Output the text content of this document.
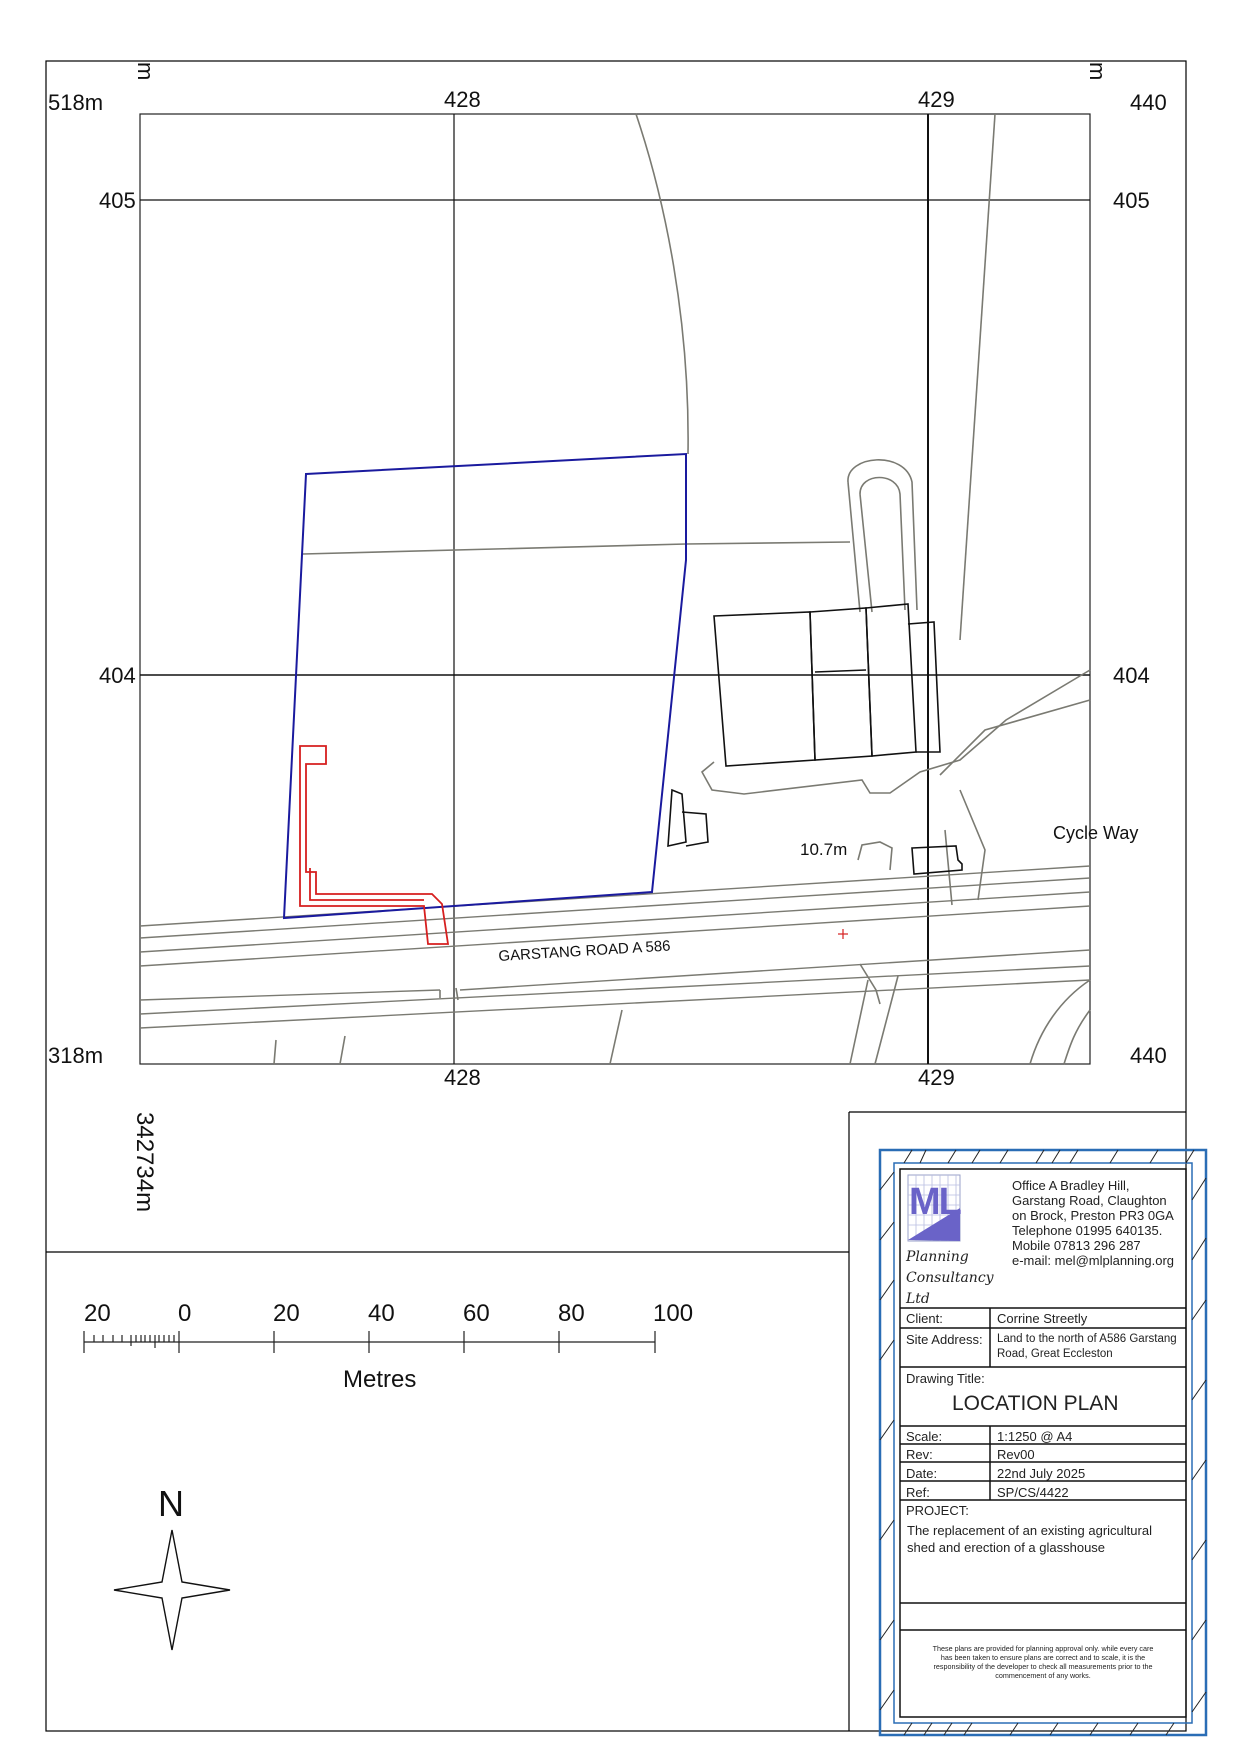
518m	440
318m	440
m	m
428	429
428	429
405
404
405
404
GARSTANG ROAD A 586
10.7m
Cycle Way
342734m
20	0	20	40	60	80	100
Metres
N
ML
Planning
Consultancy
Ltd
Office A Bradley Hill,
Garstang Road, Claughton
on Brock, Preston PR3 0GA
Telephone 01995 640135.
Mobile 07813 296 287
e-mail: mel@mlplanning.org
Client:	Corrine Streetly
Site Address: Land to the north of A586 Garstang
Road, Great Eccleston
Drawing Title:
LOCATION PLAN
Scale:	1:1250 @ A4
Rev:	Rev00
Date:	22nd July 2025
Ref:	SP/CS/4422
PROJECT:
The replacement of an existing agricultural
shed and erection of a glasshouse
These plans are provided for planning approval only. while every care
has been taken to ensure plans are correct and to scale, it is the
responsibility of the developer to check all measurements prior to the
commencement of any works.
